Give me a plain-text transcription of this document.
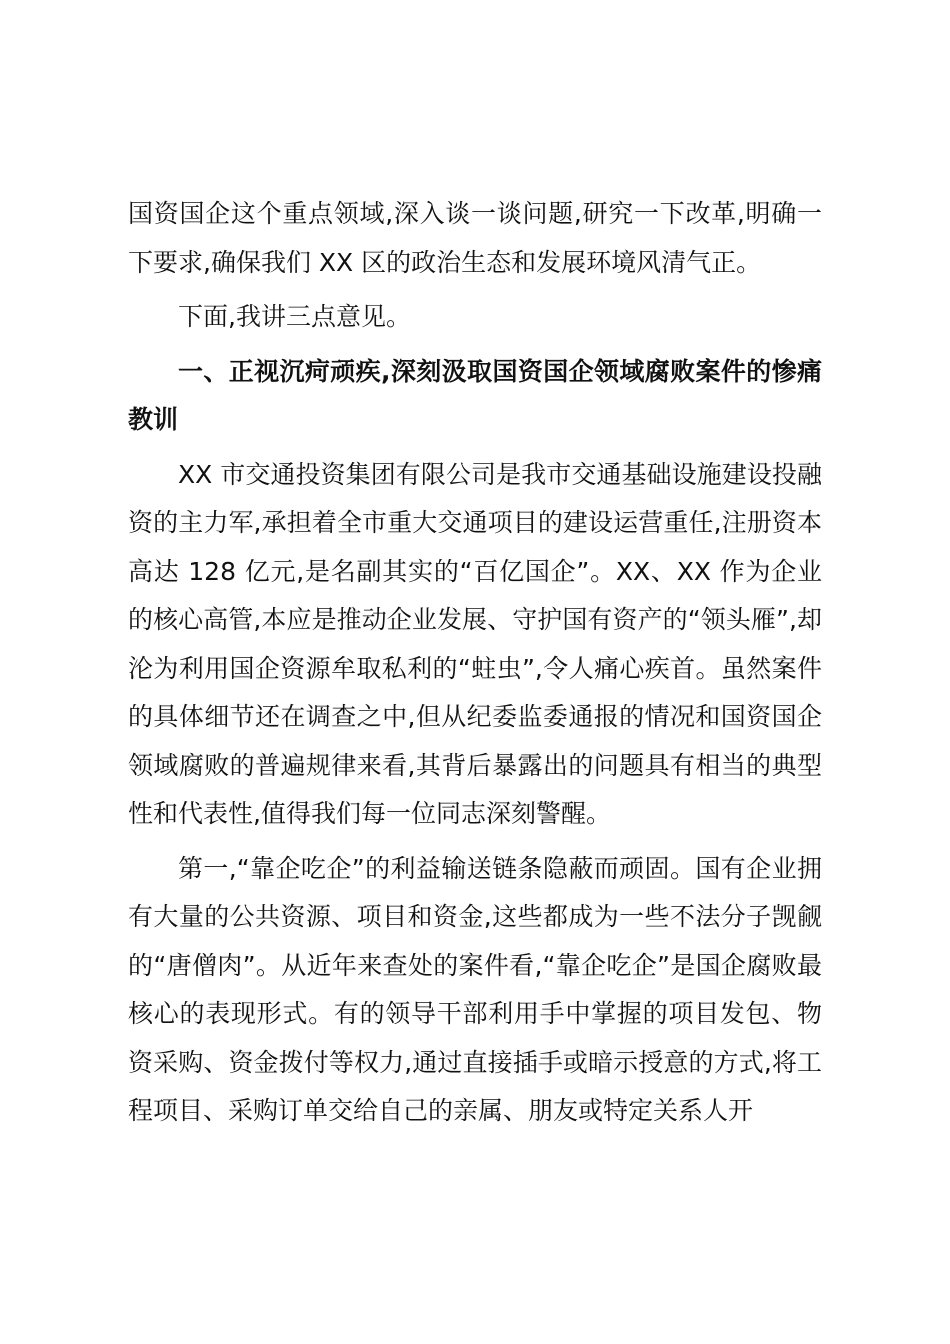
国资国企这个重点领域,深入谈一谈问题,研究一下改革,明确一下要求,确保我们 XX 区的政治生态和发展环境风清气正。

下面,我讲三点意见。

一、正视沉疴顽疾,深刻汲取国资国企领域腐败案件的惨痛教训

XX 市交通投资集团有限公司是我市交通基础设施建设投融资的主力军,承担着全市重大交通项目的建设运营重任,注册资本高达 128 亿元,是名副其实的“百亿国企”。XX、XX 作为企业的核心高管,本应是推动企业发展、守护国有资产的“领头雁”,却沦为利用国企资源牟取私利的“蛀虫”,令人痛心疾首。虽然案件的具体细节还在调查之中,但从纪委监委通报的情况和国资国企领域腐败的普遍规律来看,其背后暴露出的问题具有相当的典型性和代表性,值得我们每一位同志深刻警醒。

第一,“靠企吃企”的利益输送链条隐蔽而顽固。国有企业拥有大量的公共资源、项目和资金,这些都成为一些不法分子觊觎的“唐僧肉”。从近年来查处的案件看,“靠企吃企”是国企腐败最核心的表现形式。有的领导干部利用手中掌握的项目发包、物资采购、资金拨付等权力,通过直接插手或暗示授意的方式,将工程项目、采购订单交给自己的亲属、朋友或特定关系人开
